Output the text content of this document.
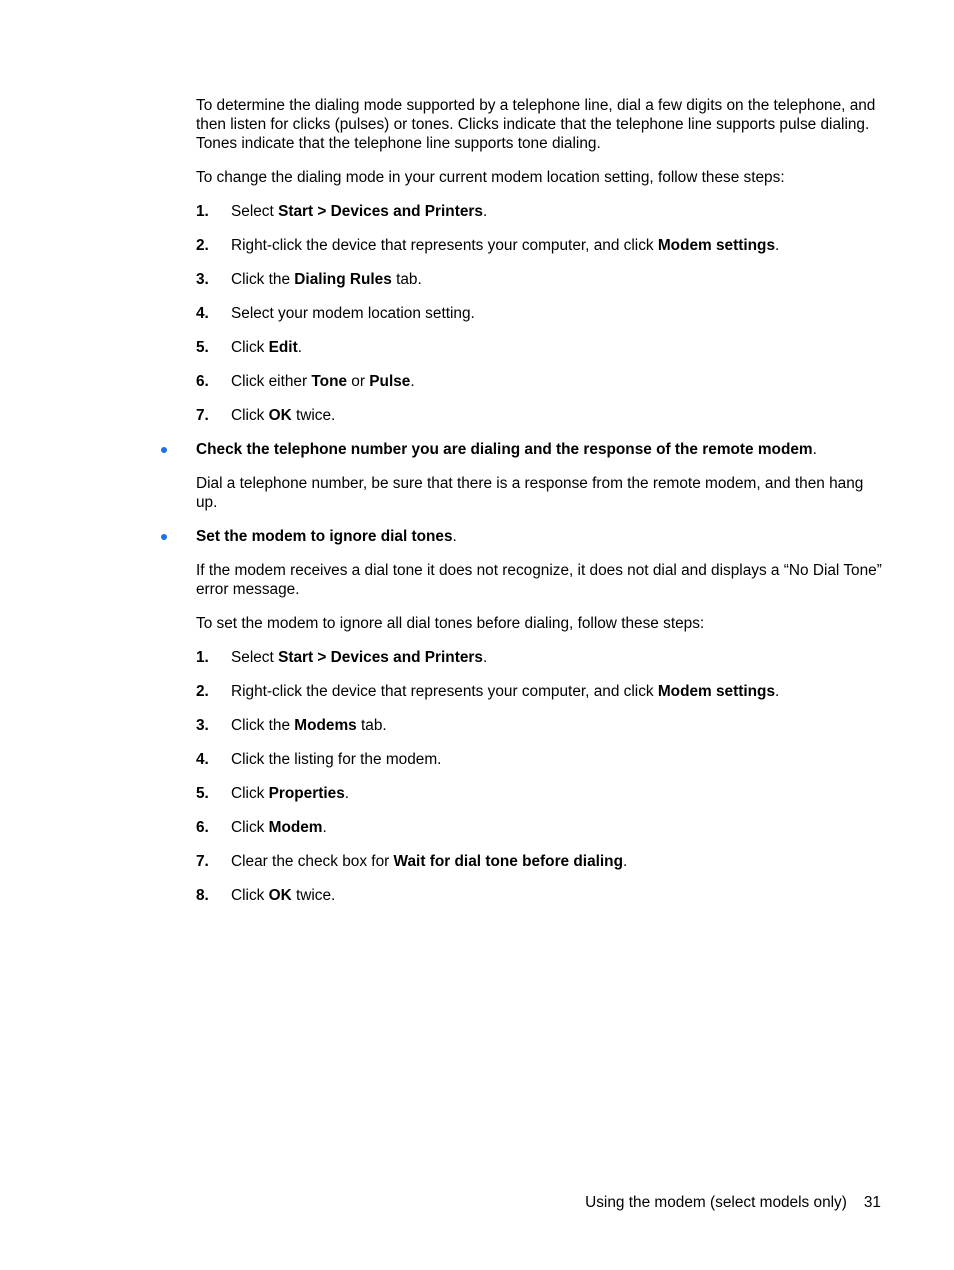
To determine the dialing mode supported by a telephone line, dial a few digits on the telephone, and then listen for clicks (pulses) or tones. Clicks indicate that the telephone line supports pulse dialing. Tones indicate that the telephone line supports tone dialing.

To change the dialing mode in your current modem location setting, follow these steps:

1. Select Start > Devices and Printers.
2. Right-click the device that represents your computer, and click Modem settings.
3. Click the Dialing Rules tab.
4. Select your modem location setting.
5. Click Edit.
6. Click either Tone or Pulse.
7. Click OK twice.
Check the telephone number you are dialing and the response of the remote modem.

Dial a telephone number, be sure that there is a response from the remote modem, and then hang up.

Set the modem to ignore dial tones.

If the modem receives a dial tone it does not recognize, it does not dial and displays a “No Dial Tone” error message.

To set the modem to ignore all dial tones before dialing, follow these steps:

1. Select Start > Devices and Printers.
2. Right-click the device that represents your computer, and click Modem settings.
3. Click the Modems tab.
4. Click the listing for the modem.
5. Click Properties.
6. Click Modem.
7. Clear the check box for Wait for dial tone before dialing.
8. Click OK twice.
Using the modem (select models only) 31
